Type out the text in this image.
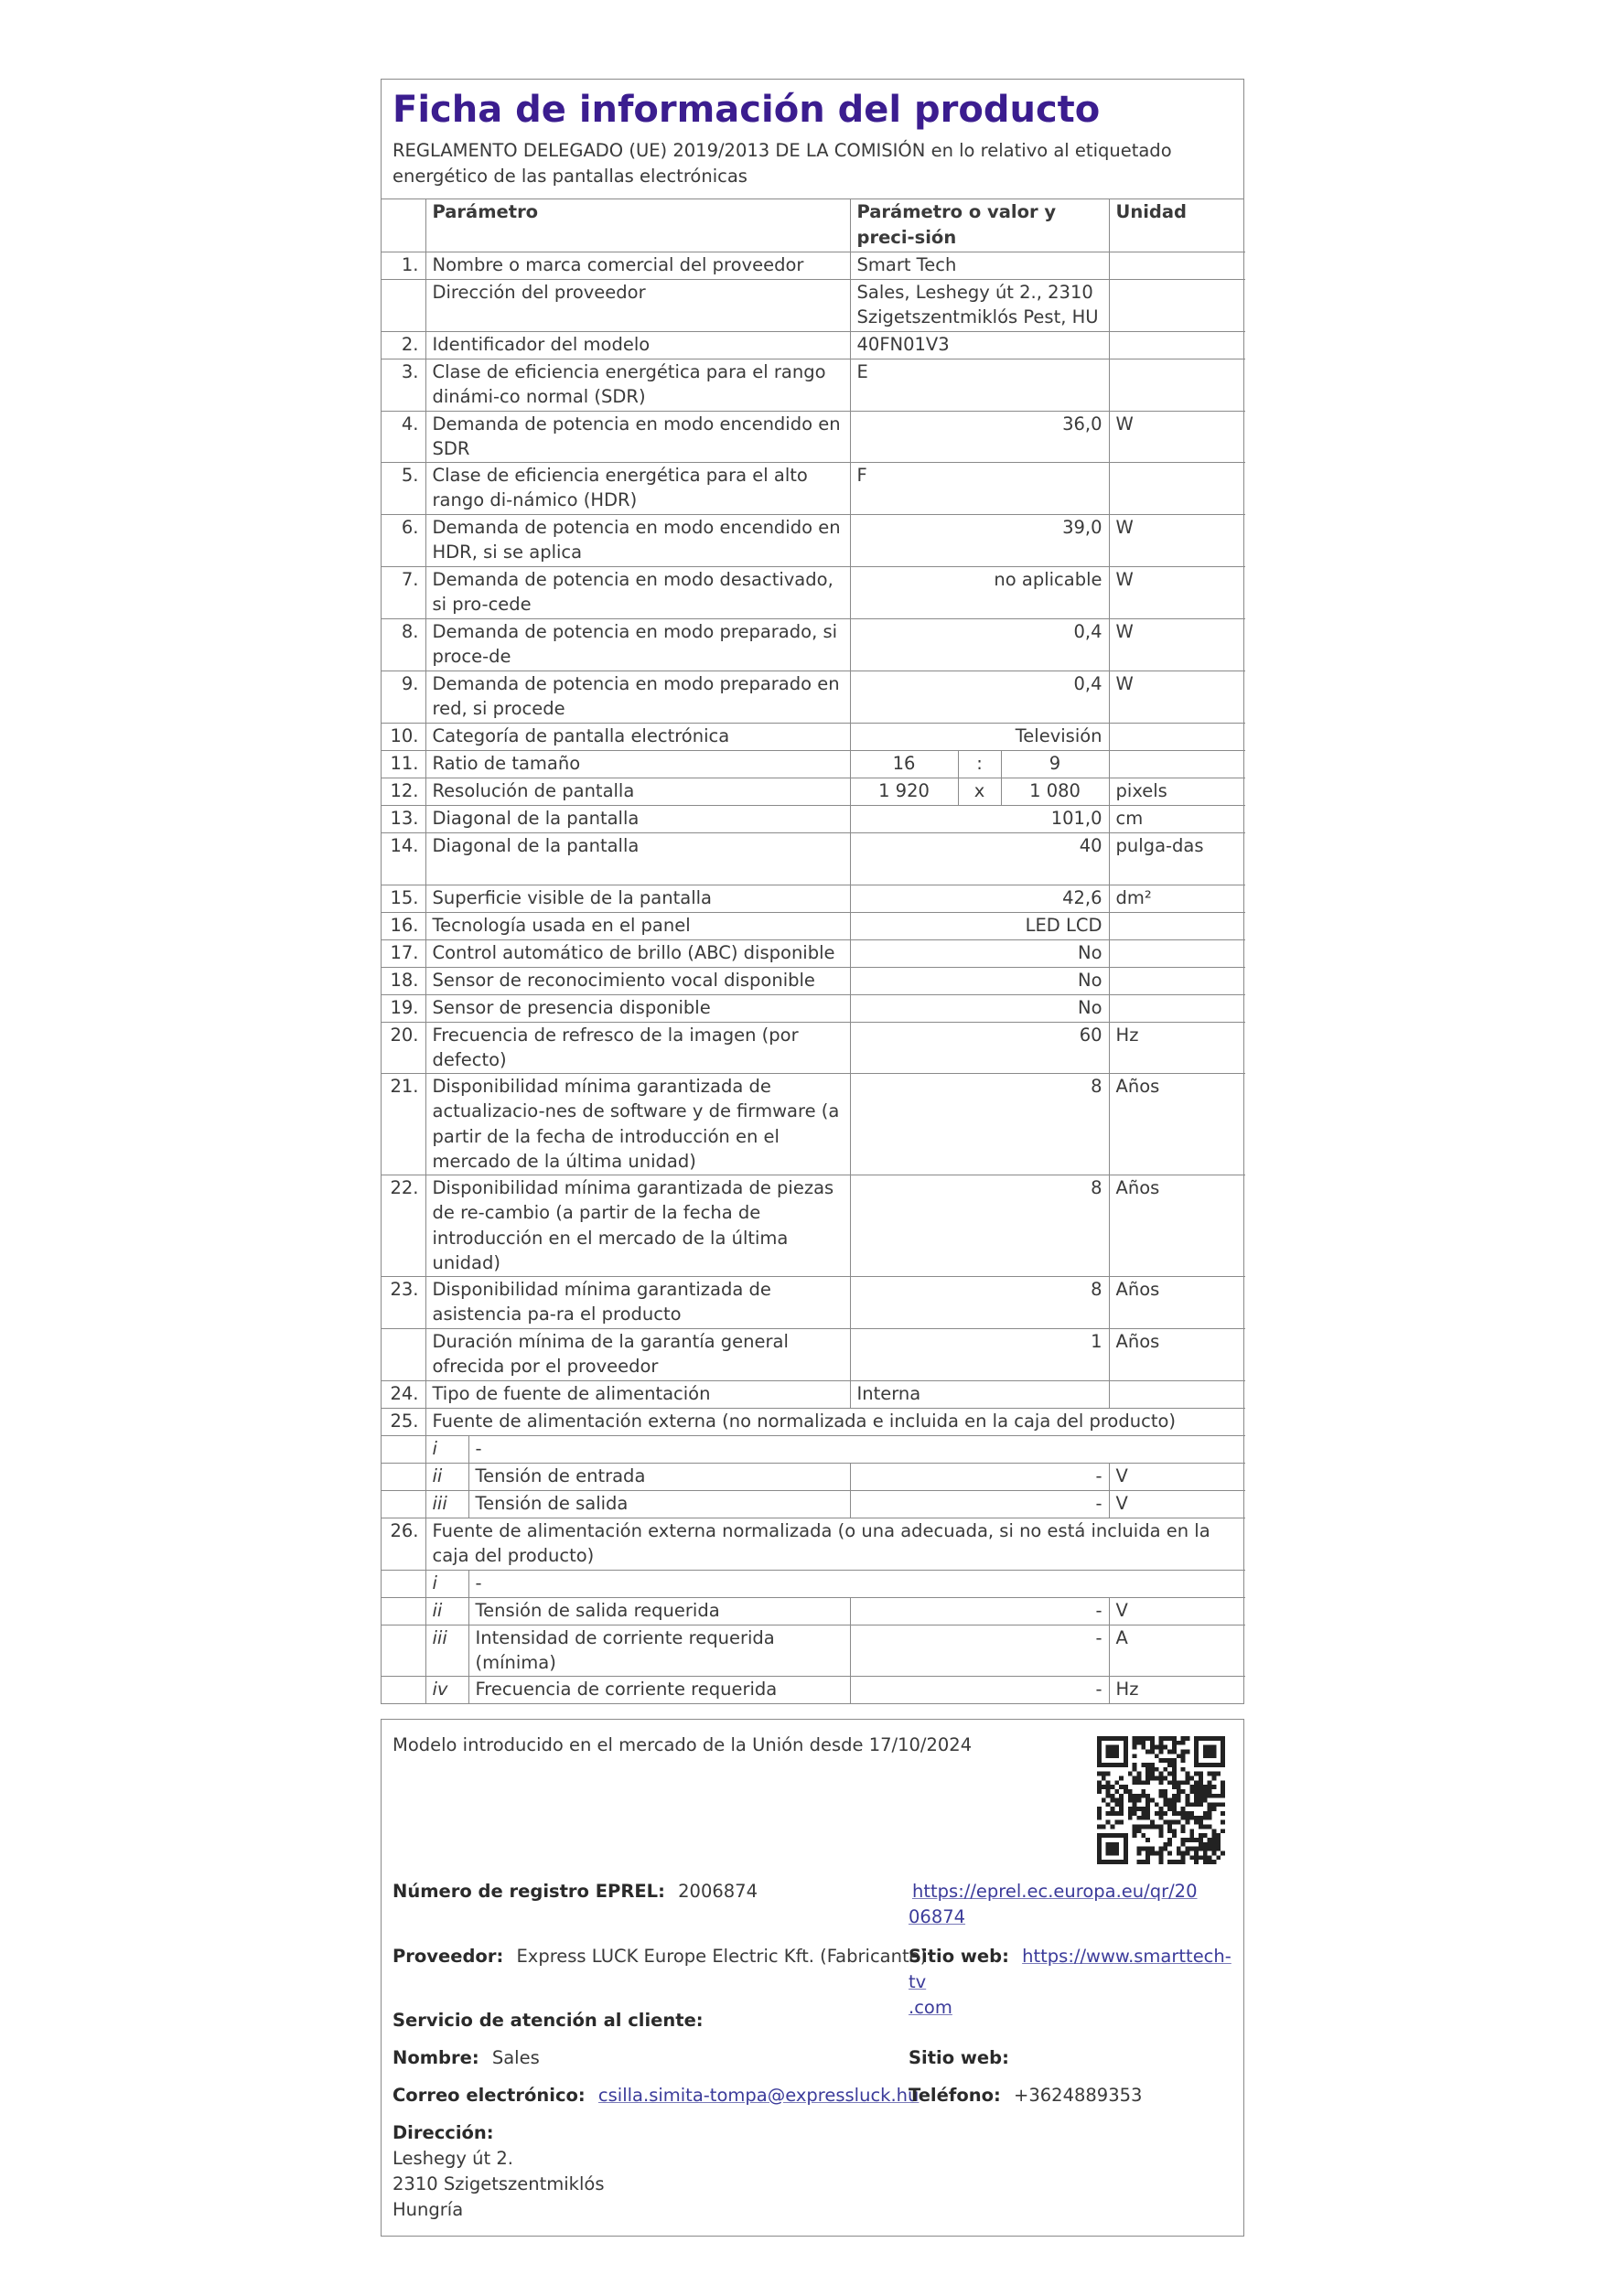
Ficha de información del producto
REGLAMENTO DELEGADO (UE) 2019/2013 DE LA COMISIÓN en lo relativo al etiquetado energético de las pantallas electrónicas
	Parámetro		Parámetro o valor y preci-sión			Unidad
1.	Nombre o marca comercial del proveedor		Smart Tech			
	Dirección del proveedor		Sales, Leshegy út 2., 2310 Szigetszentmiklós Pest, HU			
2.	Identificador del modelo		40FN01V3			
3.	Clase de eficiencia energética para el rango dinámi-co normal (SDR)		E			
4.	Demanda de potencia en modo encendido en SDR		36,0			W
5.	Clase de eficiencia energética para el alto rango di-námico (HDR)		F			
6.	Demanda de potencia en modo encendido en HDR, si se aplica		39,0			W
7.	Demanda de potencia en modo desactivado, si pro-cede		no aplicable			W
8.	Demanda de potencia en modo preparado, si proce-de		0,4			W
9.	Demanda de potencia en modo preparado en red, si procede		0,4			W
10.	Categoría de pantalla electrónica		Televisión			
11.	Ratio de tamaño		16	:	9	
12.	Resolución de pantalla		1 920	x	1 080	pixels
13.	Diagonal de la pantalla		101,0			cm
14.	Diagonal de la pantalla		40			pulga-das
15.	Superficie visible de la pantalla		42,6			dm²
16.	Tecnología usada en el panel		LED LCD			
17.	Control automático de brillo (ABC) disponible		No			
18.	Sensor de reconocimiento vocal disponible		No			
19.	Sensor de presencia disponible		No			
20.	Frecuencia de refresco de la imagen (por defecto)		60			Hz
21.	Disponibilidad mínima garantizada de actualizacio-nes de software y de firmware (a partir de la fecha de introducción en el mercado de la última unidad)		8			Años
22.	Disponibilidad mínima garantizada de piezas de re-cambio (a partir de la fecha de introducción en el mercado de la última unidad)		8			Años
23.	Disponibilidad mínima garantizada de asistencia pa-ra el producto		8			Años
	Duración mínima de la garantía general ofrecida por el proveedor		1			Años
24.	Tipo de fuente de alimentación		Interna			
25.	Fuente de alimentación externa (no normalizada e incluida en la caja del producto)					
	i	-				
	ii	Tensión de entrada	-			V
	iii	Tensión de salida	-			V
26.	Fuente de alimentación externa normalizada (o una adecuada, si no está incluida en la caja del producto)					
	i	-				
	ii	Tensión de salida requerida	-			V
	iii	Intensidad de corriente requerida (mínima)	-			A
	iv	Frecuencia de corriente requerida	-			Hz
Modelo introducido en el mercado de la Unión desde 17/10/2024
Número de registro EPREL: 2006874	https://eprel.ec.europa.eu/qr/20
06874
Proveedor: Express LUCK Europe Electric Kft. (Fabricante)
Sitio web: https://www.smarttech-tv
.com
Servicio de atención al cliente:
Nombre: Sales	Sitio web:
Correo electrónico: csilla.simita-tompa@expressluck.hu
Teléfono: +3624889353
Dirección:
Leshegy út 2.
2310 Szigetszentmiklós
Hungría
